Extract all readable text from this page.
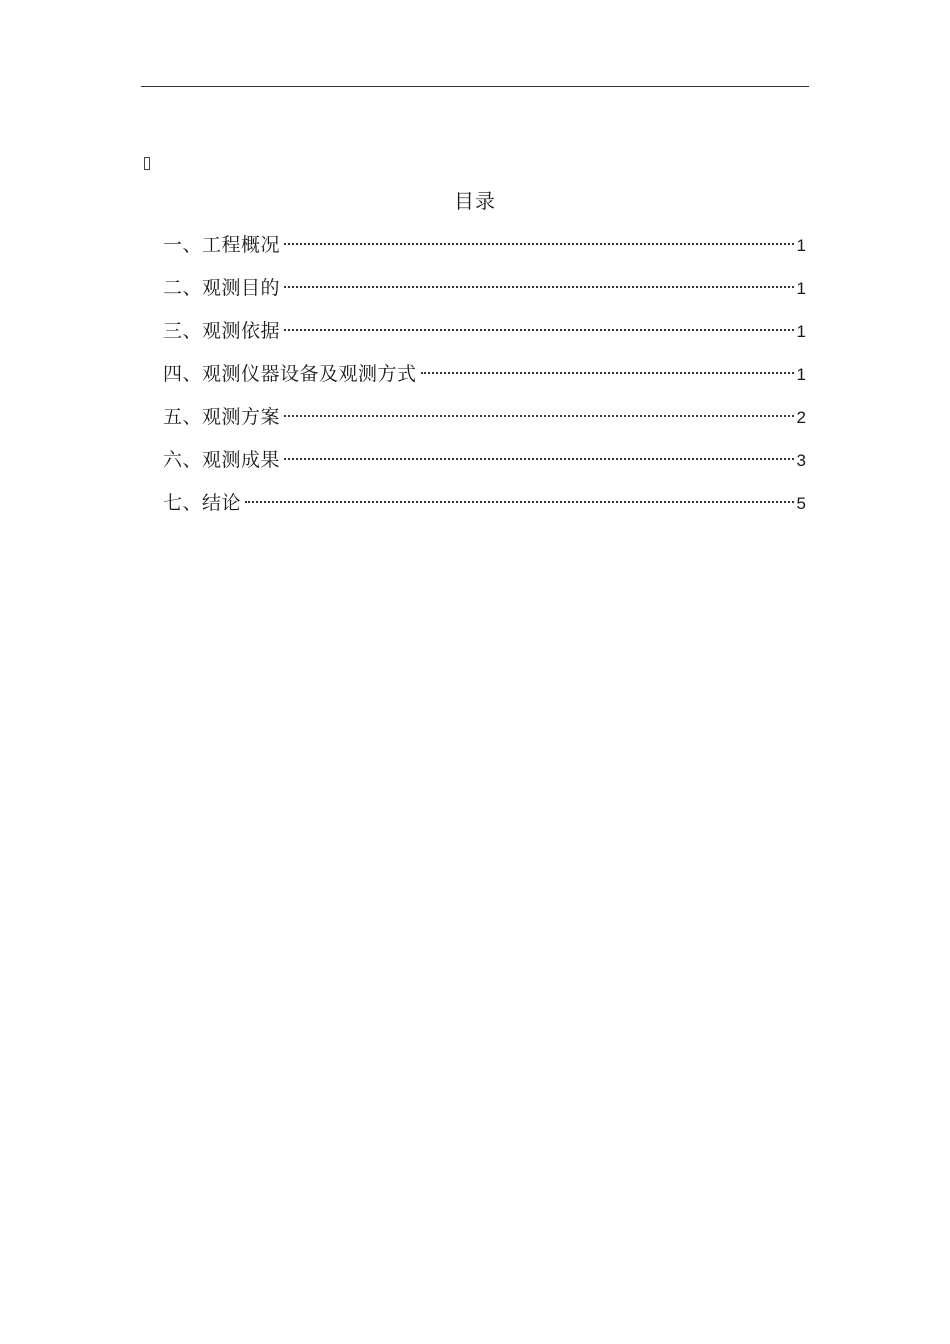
目录
一、工程概况	1
二、观测目的	1
三、观测依据	1
四、观测仪器设备及观测方式	1
五、观测方案	2
六、观测成果	3
七、结论	5
